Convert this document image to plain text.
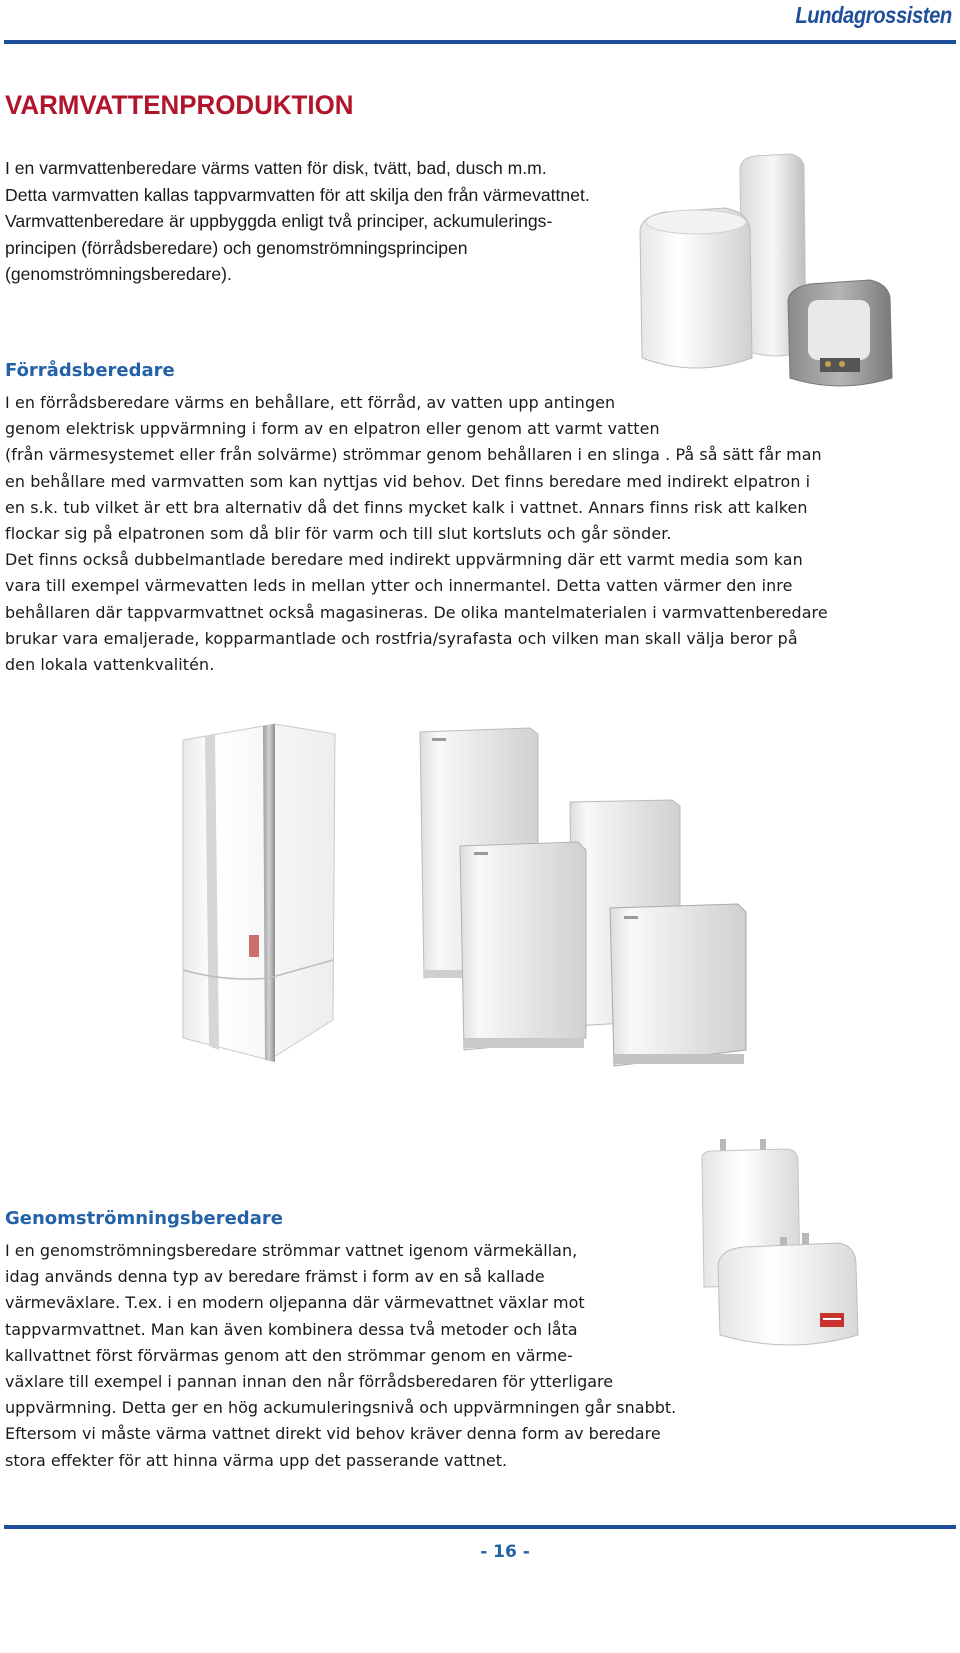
Lundagrossisten
VARMVATTENPRODUKTION
I en varmvattenberedare värms vatten för disk, tvätt, bad, dusch m.m.
Detta varmvatten kallas tappvarmvatten för att skilja den från värmevattnet.
Varmvattenberedare är uppbyggda enligt två principer, ackumulerings-
principen (förrådsberedare) och genomströmningsprincipen
(genomströmningsberedare).
Förrådsberedare
I en förrådsberedare värms en behållare, ett förråd, av vatten upp antingen
genom elektrisk uppvärmning i form av en elpatron eller genom att varmt vatten
(från värmesystemet eller från solvärme) strömmar genom behållaren i en slinga . På så sätt får man
en behållare med varmvatten som kan nyttjas vid behov. Det finns beredare med indirekt elpatron i
en s.k. tub vilket är ett bra alternativ då det finns mycket kalk i vattnet. Annars finns risk att kalken
flockar sig på elpatronen som då blir för varm och till slut kortsluts och går sönder.
Det finns också dubbelmantlade beredare med indirekt uppvärmning där ett varmt media som kan
vara till exempel värmevatten leds in mellan ytter och innermantel. Detta vatten värmer den inre
behållaren där tappvarmvattnet också magasineras. De olika mantelmaterialen i varmvattenberedare
brukar vara emaljerade, kopparmantlade och rostfria/syrafasta och vilken man skall välja beror på
den lokala vattenkvalitén.
Genomströmningsberedare
I en genomströmningsberedare strömmar vattnet igenom värmekällan,
idag används denna typ av beredare främst i form av en så kallade
värmeväxlare. T.ex. i en modern oljepanna där värmevattnet växlar mot
tappvarmvattnet. Man kan även kombinera dessa två metoder och låta
kallvattnet först förvärmas genom att den strömmar genom en värme-
växlare till exempel i pannan innan den når förrådsberedaren för ytterligare
uppvärmning. Detta ger en hög ackumuleringsnivå och uppvärmningen går snabbt.
Eftersom vi måste värma vattnet direkt vid behov kräver denna form av beredare
stora effekter för att hinna värma upp det passerande vattnet.
- 16 -
